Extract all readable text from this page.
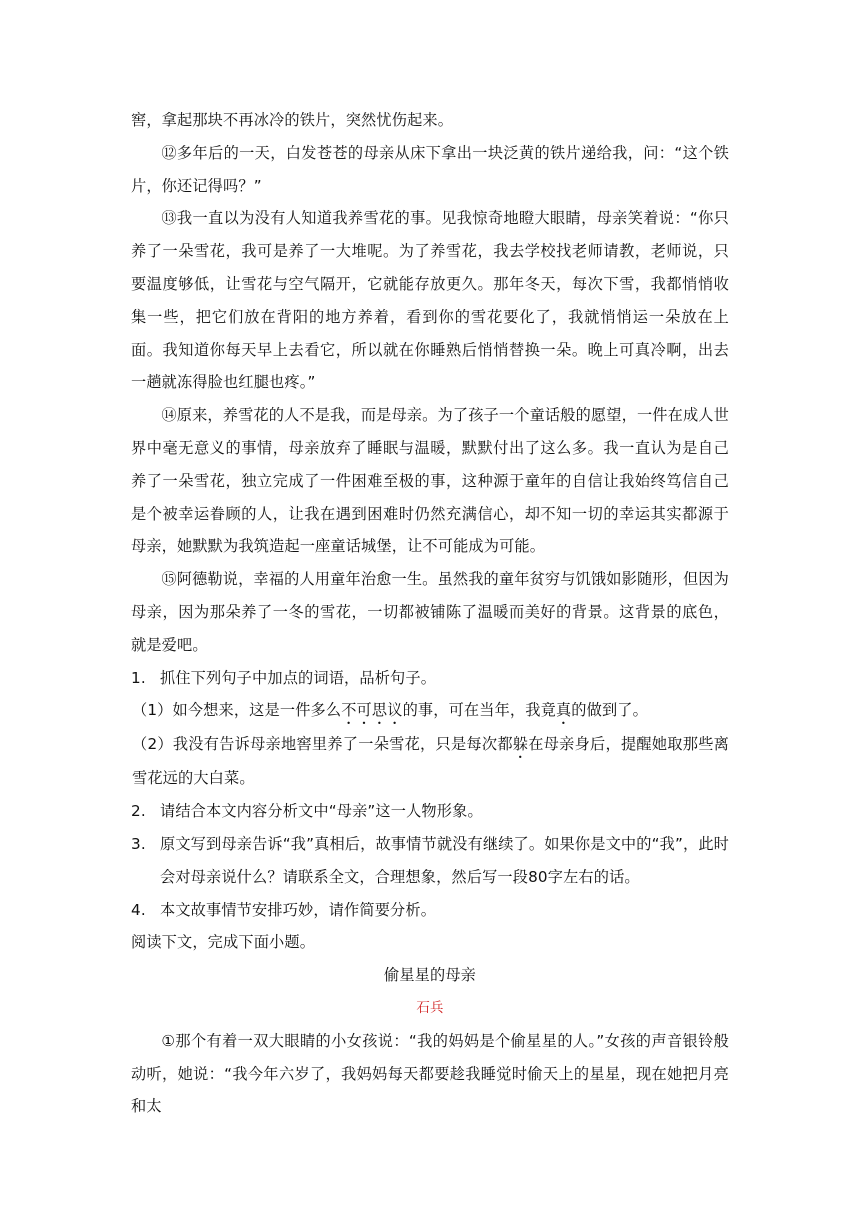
窖，拿起那块不再冰冷的铁片，突然忧伤起来。

⑫多年后的一天，白发苍苍的母亲从床下拿出一块泛黄的铁片递给我，问：“这个铁片，你还记得吗？”

⑬我一直以为没有人知道我养雪花的事。见我惊奇地瞪大眼睛，母亲笑着说：“你只养了一朵雪花，我可是养了一大堆呢。为了养雪花，我去学校找老师请教，老师说，只要温度够低，让雪花与空气隔开，它就能存放更久。那年冬天，每次下雪，我都悄悄收集一些，把它们放在背阳的地方养着，看到你的雪花要化了，我就悄悄运一朵放在上面。我知道你每天早上去看它，所以就在你睡熟后悄悄替换一朵。晚上可真冷啊，出去一趟就冻得脸也红腿也疼。”

⑭原来，养雪花的人不是我，而是母亲。为了孩子一个童话般的愿望，一件在成人世界中毫无意义的事情，母亲放弃了睡眠与温暖，默默付出了这么多。我一直认为是自己养了一朵雪花，独立完成了一件困难至极的事，这种源于童年的自信让我始终笃信自己是个被幸运眷顾的人，让我在遇到困难时仍然充满信心，却不知一切的幸运其实都源于母亲，她默默为我筑造起一座童话城堡，让不可能成为可能。

⑮阿德勒说，幸福的人用童年治愈一生。虽然我的童年贫穷与饥饿如影随形，但因为母亲，因为那朵养了一冬的雪花，一切都被铺陈了温暖而美好的背景。这背景的底色，就是爱吧。

1. 抓住下列句子中加点的词语，品析句子。

（1）如今想来，这是一件多么不可思议的事，可在当年，我竟真的做到了。

（2）我没有告诉母亲地窖里养了一朵雪花，只是每次都躲在母亲身后，提醒她取那些离雪花远的大白菜。

2. 请结合本文内容分析文中“母亲”这一人物形象。
3. 原文写到母亲告诉“我”真相后，故事情节就没有继续了。如果你是文中的“我”，此时会对母亲说什么？请联系全文，合理想象，然后写一段80字左右的话。
4. 本文故事情节安排巧妙，请作简要分析。

阅读下文，完成下面小题。

偷星星的母亲

石兵

①那个有着一双大眼睛的小女孩说：“我的妈妈是个偷星星的人。”女孩的声音银铃般动听，她说：“我今年六岁了，我妈妈每天都要趁我睡觉时偷天上的星星，现在她把月亮和太
